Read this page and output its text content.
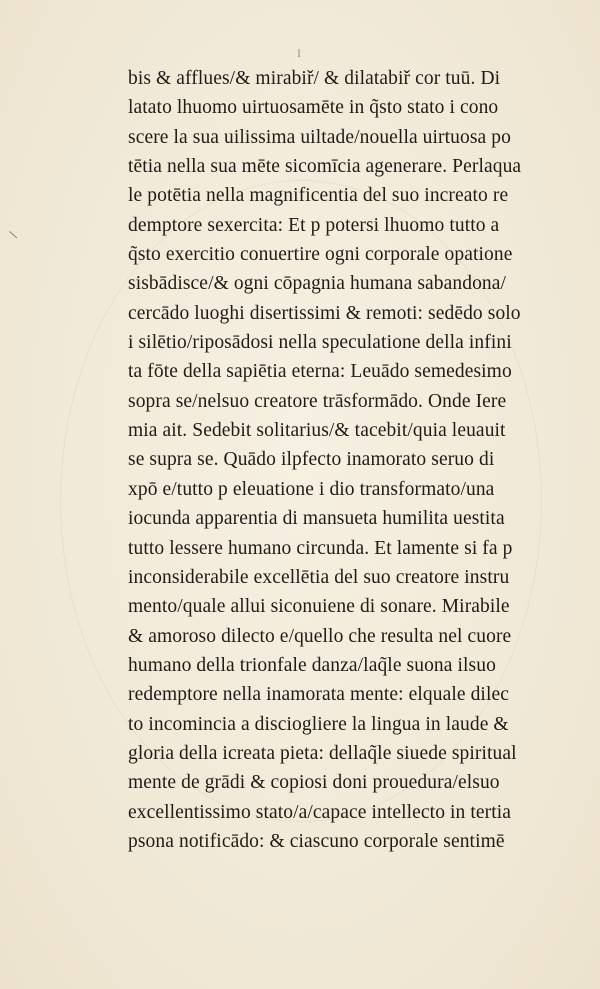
I
\
bis & afflues/& mirabiř/ & dilatabiř cor tuū. Di
latato lhuomo uirtuosamēte in q̃sto stato i cono
scere la sua uilissima uiltade/nouella uirtuosa po
tētia nella sua mēte sicomīcia agenerare. Perlaqua
le potētia nella magnificentia del suo increato re
demptore sexercita: Et p potersi lhuomo tutto a
q̃sto exercitio conuertire ogni corporale opatione
sisbādisce/& ogni cōpagnia humana sabandona/
cercādo luoghi disertissimi & remoti: sedēdo solo
i silētio/riposādosi nella speculatione della infini
ta fōte della sapiētia eterna: Leuādo semedesimo
sopra se/nelsuo creatore trāsformādo. Onde Iere
mia ait. Sedebit solitarius/& tacebit/quia leuauit
se supra se. Quādo ilpfecto inamorato seruo di
xpō e/tutto p eleuatione i dio transformato/una
iocunda apparentia di mansueta humilita uestita
tutto lessere humano circunda. Et lamente si fa p
inconsiderabile excellētia del suo creatore instru
mento/quale allui siconuiene di sonare. Mirabile
& amoroso dilecto e/quello che resulta nel cuore
humano della trionfale danza/laq̃le suona ilsuo
redemptore nella inamorata mente: elquale dilec
to incomincia a disciogliere la lingua in laude &
gloria della icreata pieta: dellaq̃le siuede spiritual
mente de grādi & copiosi doni prouedura/elsuo
excellentissimo stato/a/capace intellecto in tertia
psona notificādo: & ciascuno corporale sentimē
